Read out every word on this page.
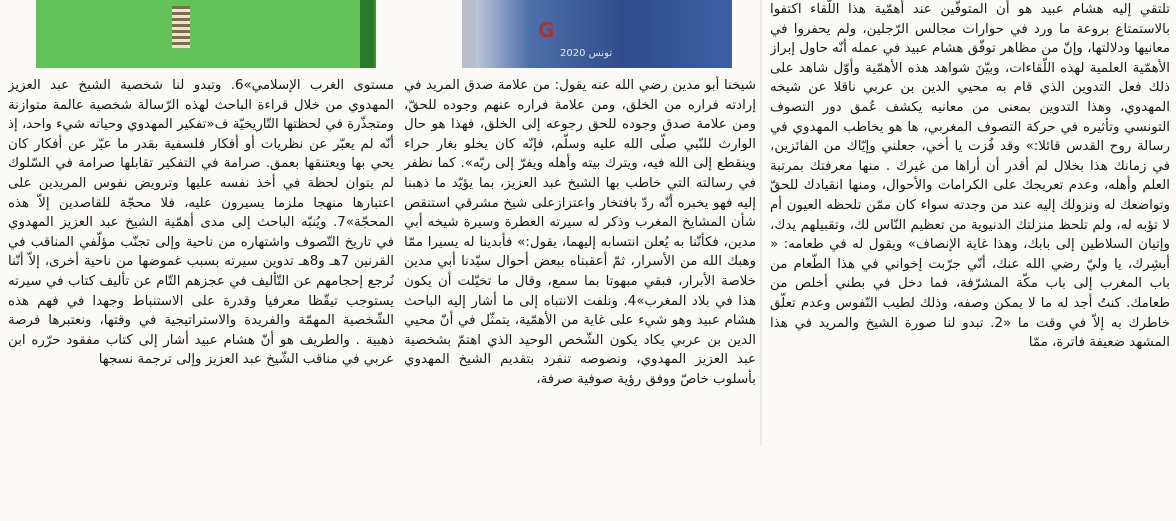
G
تونس 2020

تلتقي إليه هشام عبيد هو أن المتوفّين عند أهمّية هذا اللّقاء اكتفوا بالاستمتاع بروعة ما ورد في حوارات مجالس الرّجلين، ولم يحفروا في معانيها ودلالتها، وإنّ من مظاهر توفّق هشام عبيد في عمله أنّه حاول إبراز الأهمّية العلمية لهذه اللّقاءات، وبيّنَ شواهد هذه الأهمّية وأوّل شاهد على ذلك فعل التدوين الذي قام به محيي الدين بن عربي ناقلا عن شيخه المهدوي، وهذا التدوين بمعنى من معانيه يكشف عُمق دور التصوف التونسي وتأثيره في حركة التصوف المغربي، ها هو يخاطب المهدوي في رسالة روح القدس قائلا:» وقد فُزت يا أخي، جعلني وإيّاك من الفائزين، في زمانك هذا بخلال لم أقدر أن أراها من غيرك . منها معرفتك بمرتبة العلم وأهله، وعدم تعريجك على الكرامات والأحوال، ومنها انقيادك للحقّ وتواضعك له ونزولك إليه عند من وجدته سواء كان ممّن تلحظه العيون أم لا تؤبه له، ولم تلحظ منزلتك الدنيوية من تعظيم النّاس لك، وتقبيلهم يدك، وإتيان السلاطين إلى بابك، وهذا غاية الإنصاف» ويقول له في طعامه: « أبشِرك، يا وليّ رضي الله عنك، أنّي جرّبت إخواني في هذا الطّعام من باب المغرب إلى باب مكّة المشرّفة، فما دخل في بطني أخلص من طعامك. كنتُ أجد له ما لا يمكن وصفه، وذلك لطيب النّفوس وعدم تعلّق خاطرك به إلاّ في وقت ما «2. تبدو لنا صورة الشيخ والمريد في هذا المشهد ضعيفة فاترة، ممّا

شيخنا أبو مدين رضي الله عنه يقول: من علامة صدق المريد في إرادته فراره من الخلق، ومن علامة فراره عنهم وجوده للحقّ، ومن علامة صدق وجوده للحق رجوعه إلى الخلق، فهذا هو حال الوارث للنّبي صلّى الله عليه وسلّم، فإنّه كان يخلو بغار حراء وينقطع إلى الله فيه، ويترك بيته وأهله ويفرّ إلى ربّه». كما نظفر في رسالته التي خاطب بها الشيخ عبد العزيز، بما يؤيّد ما ذهبنا إليه فهو يخبره أنّه ردّ بافتخار واعتزازعلى شيخ مشرقي استنقص شأن المشايخ المغرب وذكر له سيرته العطرة وسيرة شيخه أبي مدين، فكأنّنا به يُعلن انتسابه إليهما، يقول:» فأبدينا له يسيرا ممّا وهبك الله من الأسرار، ثمّ أعقبناه ببعض أحوال سيّدنا أبي مدين خلاصة الأبرار، فبقي مبهوتا بما سمع، وقال ما تخيّلت أن يكون هذا في بلاد المغرب»4. ونلفت الانتباه إلى ما أشار إليه الباحث هشام عبيد وهو شيء على غاية من الأهمّية، يتمثّل في أنّ محيي الدين بن عربي يكاد يكون الشّخص الوحيد الذي اهتمّ بشخصية عبد العزيز المهدوي، ونصوصه تنفرد بتقديم الشيخ المهدوي بأسلوب خاصّ ووفق رؤية صوفية صرفة،

مستوى الغرب الإسلامي»6. وتبدو لنا شخصية الشيخ عبد العزيز المهدوي من خلال قراءة الباحث لهذه الرّسالة شخصية عالمة متوازنة ومتجذّرة في لحظتها التّاريخيّة ف«تفكير المهدوي وحياته شيء واحد، إذ أنّه لم يعبّر عن نظريات أو أفكار فلسفية بقدر ما عبّر عن أفكار كان يحي بها ويعتنقها بعمق. صرامة في التفكير تقابلها صرامة في السّلوك لم يتوان لحظة في أخذ نفسه عليها وترويض نفوس المريدين على اعتبارها منهجا ملزما يسيرون عليه، فلا محجّة للقاصدين إلاّ هذه المحجّة»7. ويُنبّه الباحث إلى مدى أهمّية الشيخ عبد العزيز المهدوي في تاريخ التّصوف واشتهاره من ناحية وإلى تجنّب مؤلّفي المناقب في القرنين 7هـ و8هـ تدوين سيرته بسبب غموضها من ناحية أخرى، إلاّ أنّنا نُرجع إحجامهم عن التّأليف في عجزهم التّام عن تأليف كتاب في سيرته يستوجب تيقّظا معرفيا وقدرة على الاستنباط وجهدا في فهم هذه الشّخصية المهمّة والفريدة والاستراتيجية في وقتها، ونعتبرها فرصة ذهبية . والطريف هو أنّ هشام عبيد أشار إلى كتاب مفقود حرّره ابن عربي في مناقب الشّيخ عبد العزيز وإلى ترجمة نسجها
